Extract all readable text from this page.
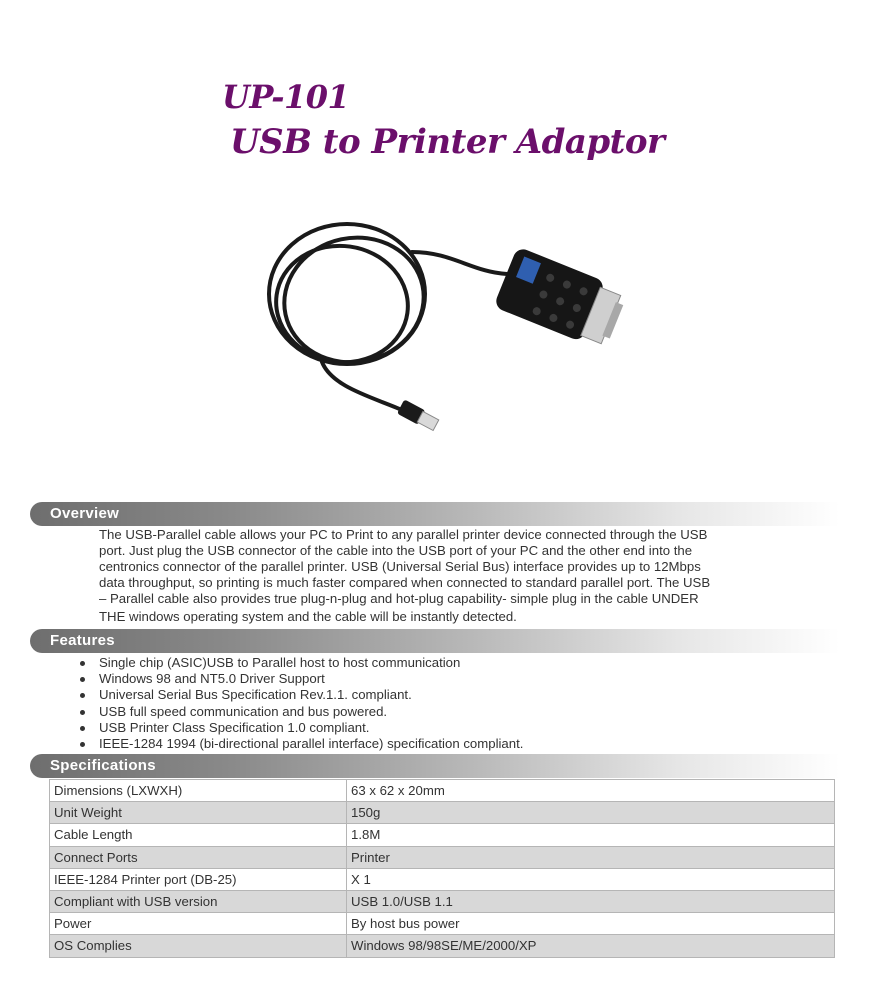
UP-101
USB to Printer Adaptor
Overview
The USB-Parallel cable allows your PC to Print to any parallel printer device connected through the USB
port. Just plug the USB connector of the cable into the USB port of your PC and the other end into the
centronics connector of the parallel printer. USB (Universal Serial Bus) interface provides up to 12Mbps
data throughput, so printing is much faster compared when connected to standard parallel port. The USB
– Parallel cable also provides true plug-n-plug and hot-plug capability- simple plug in the cable UNDER
THE windows operating system and the cable will be instantly detected.
Features
Single chip (ASIC)USB to Parallel host to host communication
Windows 98 and NT5.0 Driver Support
Universal Serial Bus Specification Rev.1.1. compliant.
USB full speed communication and bus powered.
USB Printer Class Specification 1.0 compliant.
IEEE-1284 1994 (bi-directional parallel interface) specification compliant.
Specifications
Dimensions (LXWXH)	63 x 62 x 20mm
Unit Weight	150g
Cable Length	1.8M
Connect Ports	Printer
IEEE-1284 Printer port (DB-25)	X 1
Compliant with USB version	USB 1.0/USB 1.1
Power	By host bus power
OS Complies	Windows 98/98SE/ME/2000/XP
